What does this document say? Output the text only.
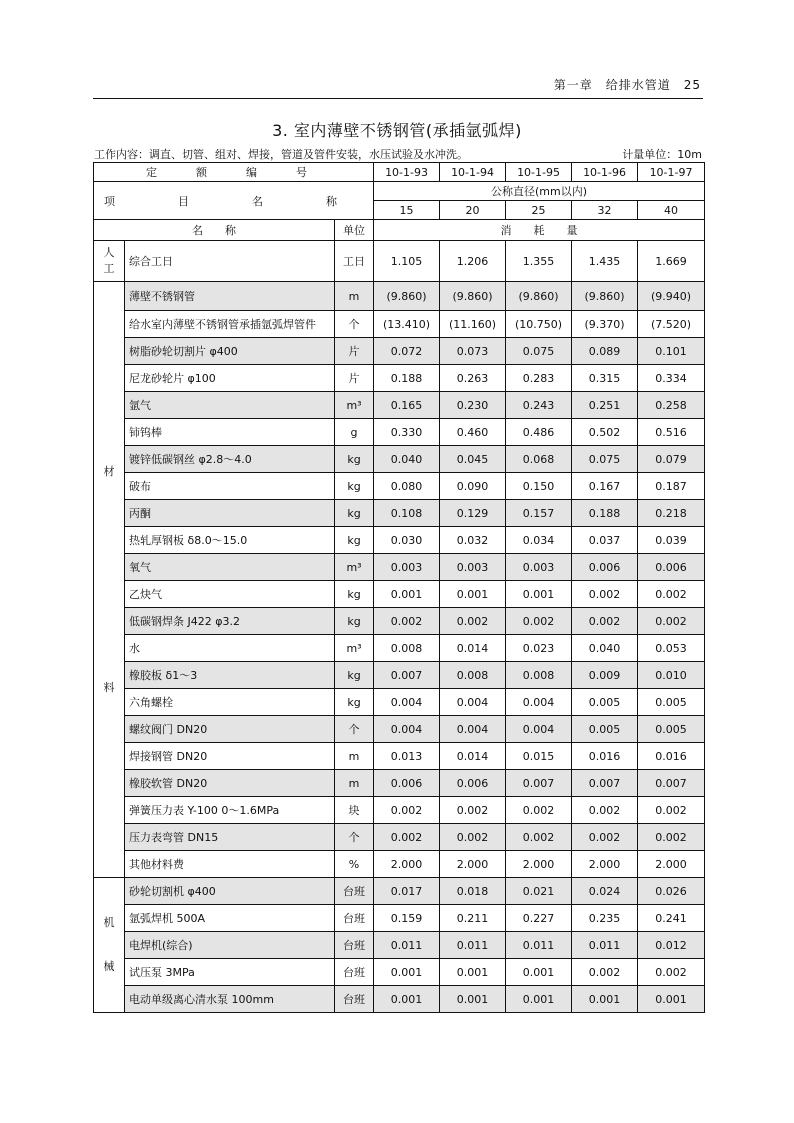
第一章　给排水管道　25
3. 室内薄壁不锈钢管(承插氩弧焊)
工作内容：调直、切管、组对、焊接，管道及管件安装，水压试验及水冲洗。	计量单位：10m
定　额　编　号			10-1-93	10-1-94	10-1-95	10-1-96	10-1-97
项　目　名　称			公称直径(mm以内)				
			15	20	25	32	40
名　　称		单位	消　　耗　　量				

人
工	综合工日	工日	1.105	1.206	1.355	1.435	1.669

材
料	薄壁不锈钢管	m	(9.860)	(9.860)	(9.860)	(9.860)	(9.940)
	给水室内薄壁不锈钢管承插氩弧焊管件	个	(13.410)	(11.160)	(10.750)	(9.370)	(7.520)
	树脂砂轮切割片 φ400	片	0.072	0.073	0.075	0.089	0.101
	尼龙砂轮片 φ100	片	0.188	0.263	0.283	0.315	0.334
	氩气	m³	0.165	0.230	0.243	0.251	0.258
	铈钨棒	g	0.330	0.460	0.486	0.502	0.516
	镀锌低碳钢丝 φ2.8～4.0	kg	0.040	0.045	0.068	0.075	0.079
	破布	kg	0.080	0.090	0.150	0.167	0.187
	丙酮	kg	0.108	0.129	0.157	0.188	0.218
	热轧厚钢板 δ8.0～15.0	kg	0.030	0.032	0.034	0.037	0.039
	氧气	m³	0.003	0.003	0.003	0.006	0.006
	乙炔气	kg	0.001	0.001	0.001	0.002	0.002
	低碳钢焊条 J422 φ3.2	kg	0.002	0.002	0.002	0.002	0.002
	水	m³	0.008	0.014	0.023	0.040	0.053
	橡胶板 δ1～3	kg	0.007	0.008	0.008	0.009	0.010
	六角螺栓	kg	0.004	0.004	0.004	0.005	0.005
	螺纹阀门 DN20	个	0.004	0.004	0.004	0.005	0.005
	焊接钢管 DN20	m	0.013	0.014	0.015	0.016	0.016
	橡胶软管 DN20	m	0.006	0.006	0.007	0.007	0.007
	弹簧压力表 Y-100 0～1.6MPa	块	0.002	0.002	0.002	0.002	0.002
	压力表弯管 DN15	个	0.002	0.002	0.002	0.002	0.002
	其他材料费	%	2.000	2.000	2.000	2.000	2.000

机
械	砂轮切割机 φ400	台班	0.017	0.018	0.021	0.024	0.026
	氩弧焊机 500A	台班	0.159	0.211	0.227	0.235	0.241
	电焊机(综合)	台班	0.011	0.011	0.011	0.011	0.012
	试压泵 3MPa	台班	0.001	0.001	0.001	0.002	0.002
	电动单级离心清水泵 100mm	台班	0.001	0.001	0.001	0.001	0.001
